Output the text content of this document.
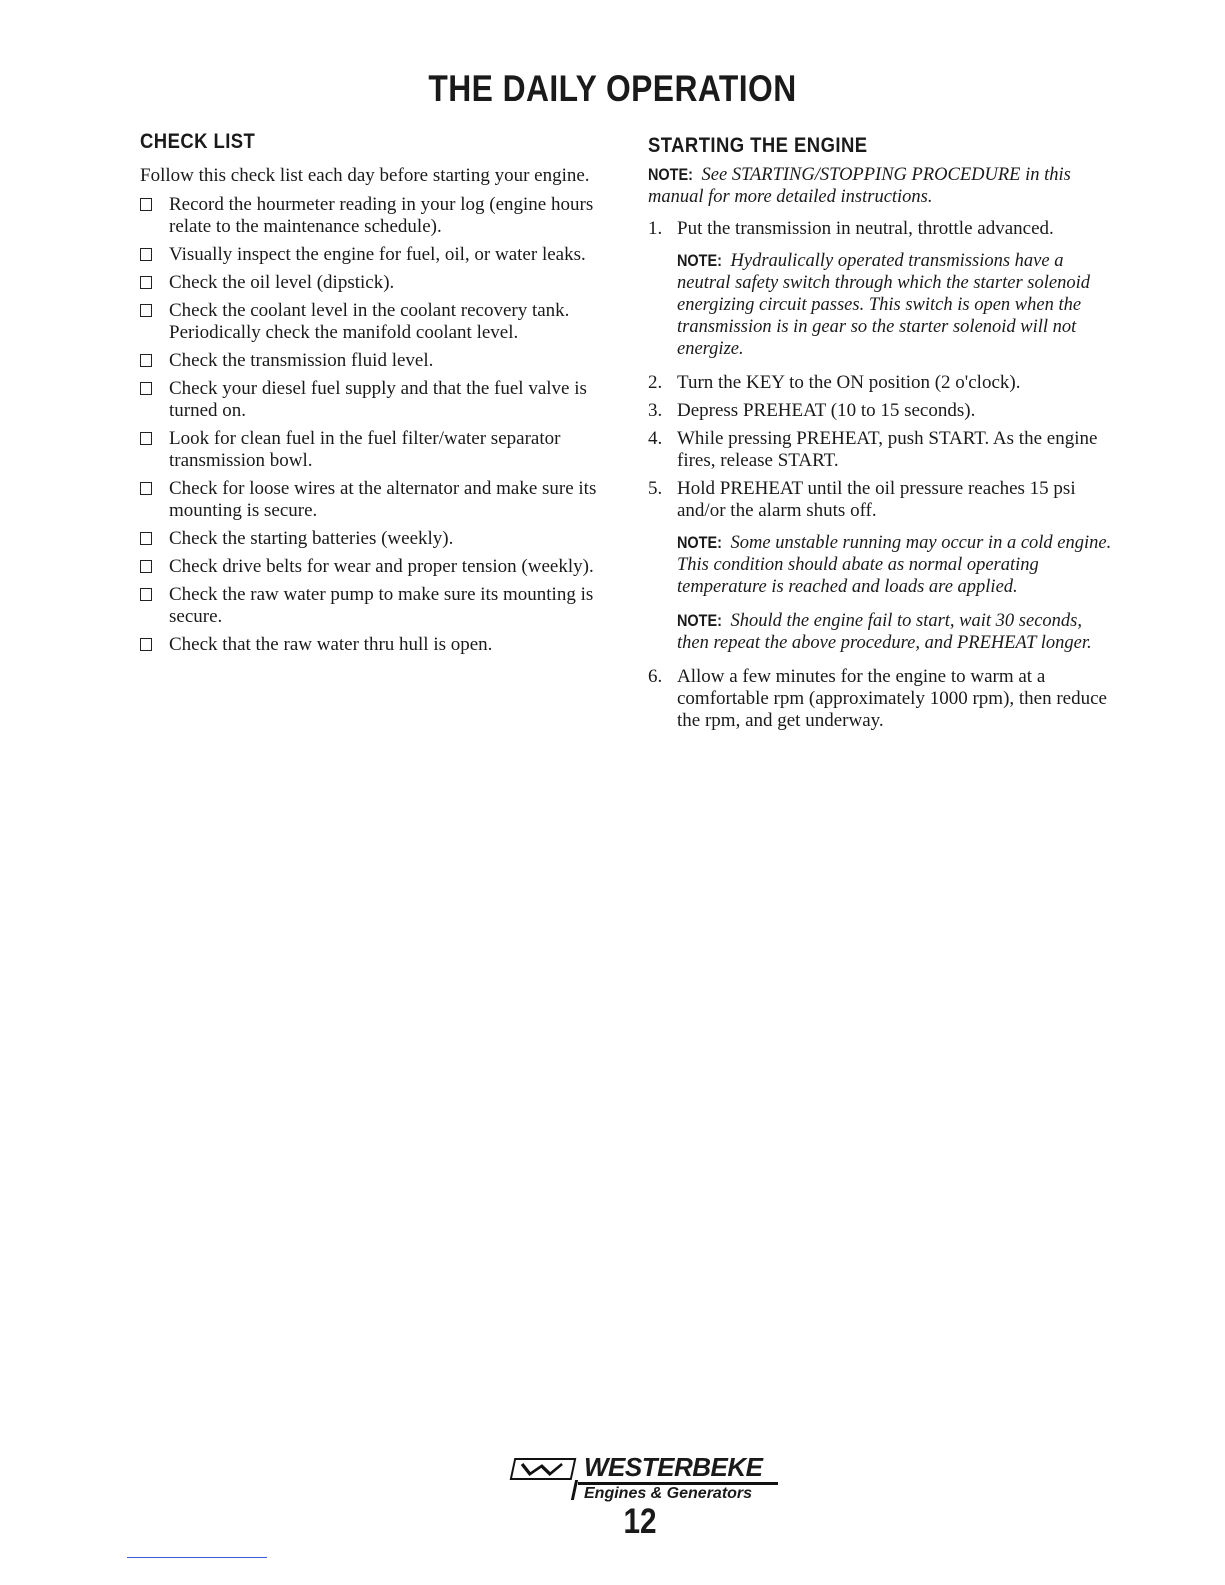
THE DAILY OPERATION
CHECK LIST

Follow this check list each day before starting your engine.

Record the hourmeter reading in your log (engine hours relate to the maintenance schedule).
Visually inspect the engine for fuel, oil, or water leaks.
Check the oil level (dipstick).
Check the coolant level in the coolant recovery tank. Periodically check the manifold coolant level.
Check the transmission fluid level.
Check your diesel fuel supply and that the fuel valve is turned on.
Look for clean fuel in the fuel filter/water separator transmission bowl.
Check for loose wires at the alternator and make sure its mounting is secure.
Check the starting batteries (weekly).
Check drive belts for wear and proper tension (weekly).
Check the raw water pump to make sure its mounting is secure.
Check that the raw water thru hull is open.
STARTING THE ENGINE

NOTE: See STARTING/STOPPING PROCEDURE in this manual for more detailed instructions.

1. Put the transmission in neutral, throttle advanced.

NOTE: Hydraulically operated transmissions have a neutral safety switch through which the starter solenoid energizing circuit passes. This switch is open when the transmission is in gear so the starter solenoid will not energize.

2. Turn the KEY to the ON position (2 o'clock).
3. Depress PREHEAT (10 to 15 seconds).
4. While pressing PREHEAT, push START. As the engine fires, release START.
5. Hold PREHEAT until the oil pressure reaches 15 psi and/or the alarm shuts off.

NOTE: Some unstable running may occur in a cold engine. This condition should abate as normal operating temperature is reached and loads are applied.

NOTE: Should the engine fail to start, wait 30 seconds, then repeat the above procedure, and PREHEAT longer.

6. Allow a few minutes for the engine to warm at a comfortable rpm (approximately 1000 rpm), then reduce the rpm, and get underway.
WESTERBEKE
Engines & Generators
12
